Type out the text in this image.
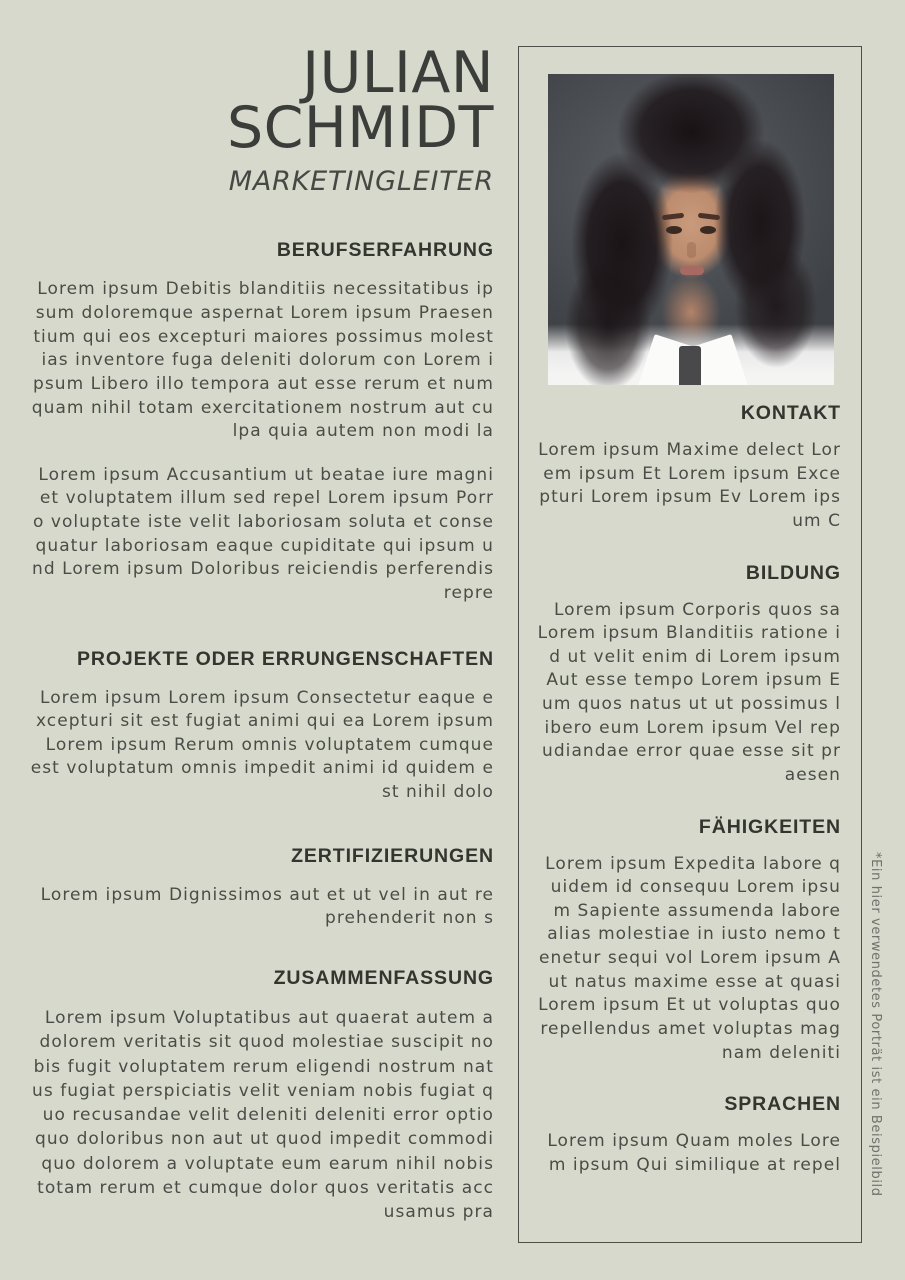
JULIAN
SCHMIDT
MARKETINGLEITER
BERUFSERFAHRUNG
Lorem ipsum Debitis blanditiis necessitatibus ipsum doloremque aspernat Lorem ipsum Praesentium qui eos excepturi maiores possimus molestias inventore fuga deleniti dolorum con Lorem ipsum Libero illo tempora aut esse rerum et numquam nihil totam exercitationem nostrum aut culpa quia autem non modi la
Lorem ipsum Accusantium ut beatae iure magni et voluptatem illum sed repel Lorem ipsum Porro voluptate iste velit laboriosam soluta et consequatur laboriosam eaque cupiditate qui ipsum und Lorem ipsum Doloribus reiciendis perferendis repre
PROJEKTE ODER ERRUNGENSCHAFTEN
Lorem ipsum Lorem ipsum Consectetur eaque excepturi sit est fugiat animi qui ea Lorem ipsum Lorem ipsum Rerum omnis voluptatem cumque est voluptatum omnis impedit animi id quidem est nihil dolo
ZERTIFIZIERUNGEN
Lorem ipsum Dignissimos aut et ut vel in aut reprehenderit non s
ZUSAMMENFASSUNG
Lorem ipsum Voluptatibus aut quaerat autem a dolorem veritatis sit quod molestiae suscipit nobis fugit voluptatem rerum eligendi nostrum natus fugiat perspiciatis velit veniam nobis fugiat quo recusandae velit deleniti deleniti error optio quo doloribus non aut ut quod impedit commodi quo dolorem a voluptate eum earum nihil nobis totam rerum et cumque dolor quos veritatis accusamus pra
KONTAKT
Lorem ipsum Maxime delect Lorem ipsum Et Lorem ipsum Excepturi Lorem ipsum Ev Lorem ipsum C
BILDUNG
Lorem ipsum Corporis quos sa Lorem ipsum Blanditiis ratione id ut velit enim di Lorem ipsum Aut esse tempo Lorem ipsum Eum quos natus ut ut possimus libero eum Lorem ipsum Vel repudiandae error quae esse sit praesen
FÄHIGKEITEN
Lorem ipsum Expedita labore quidem id consequu Lorem ipsum Sapiente assumenda labore alias molestiae in iusto nemo tenetur sequi vol Lorem ipsum Aut natus maxime esse at quasi Lorem ipsum Et ut voluptas quo repellendus amet voluptas magnam deleniti
SPRACHEN
Lorem ipsum Quam moles Lorem ipsum Qui similique at repel *Ein hier verwendetes Porträt ist ein Beispielbild
